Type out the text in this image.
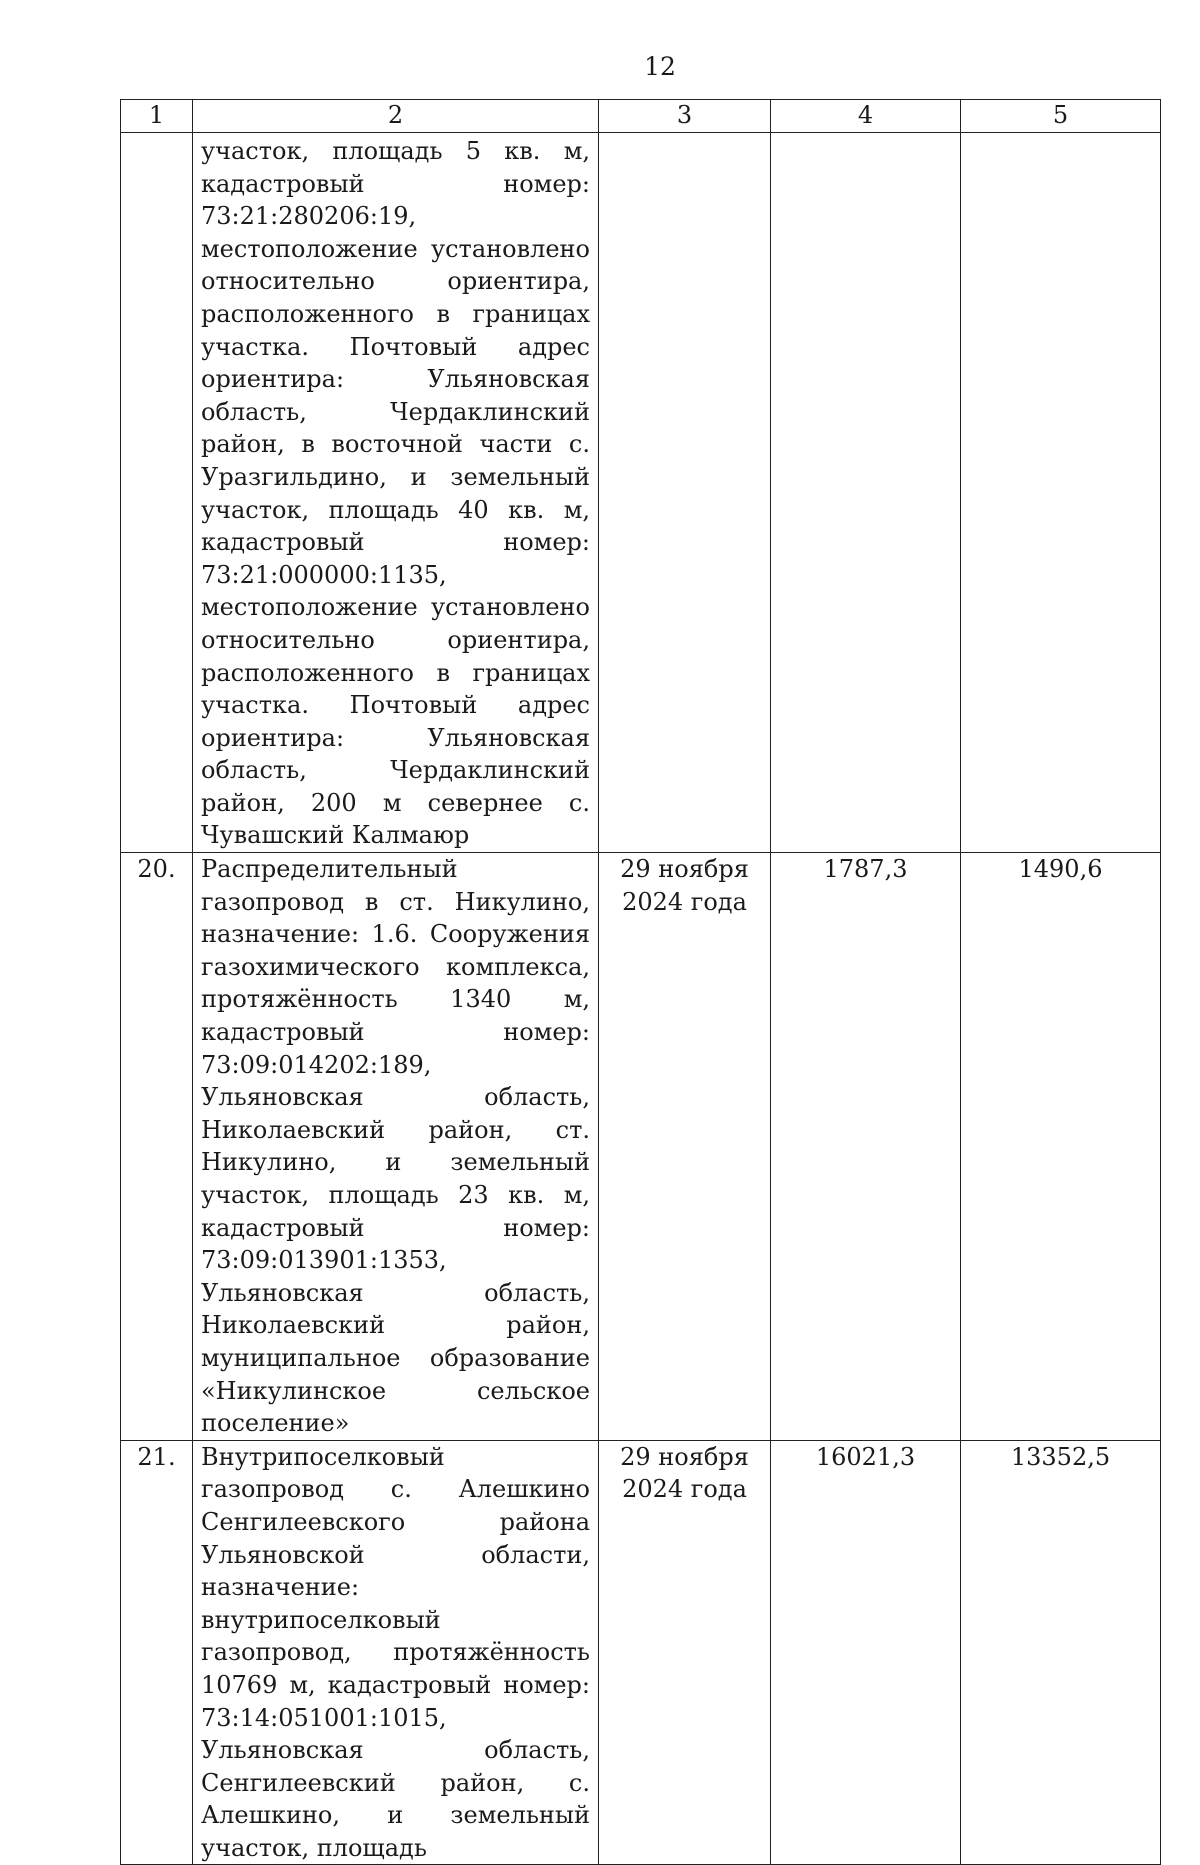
12
1	2	3	4	5
	участок, площадь 5 кв. м, кадастровый номер: 73:21:280206:19, местоположение установлено относительно ориентира, расположенного в границах участка. Почтовый адрес ориентира: Ульяновская область, Чердаклинский район, в восточной части с. Уразгильдино, и земельный участок, площадь 40 кв. м, кадастровый номер: 73:21:000000:1135, местоположение установлено относительно ориентира, расположенного в границах участка. Почтовый адрес ориентира: Ульяновская область, Чердаклинский район, 200 м севернее с. Чувашский Калмаюр			
20.	Распределительный газопровод в ст. Никулино, назначение: 1.6. Сооружения газохимического комплекса, протяжённость 1340 м, кадастровый номер: 73:09:014202:189, Ульяновская область, Николаевский район, ст. Никулино, и земельный участок, площадь 23 кв. м, кадастровый номер: 73:09:013901:1353, Ульяновская область, Николаевский район, муниципальное образование «Никулинское сельское поселение»	29 ноября 2024 года	1787,3	1490,6
21.	Внутрипоселковый газопровод с. Алешкино Сенгилеевского района Ульяновской области, назначение: внутрипоселковый газопровод, протяжённость 10769 м, кадастровый номер: 73:14:051001:1015, Ульяновская область, Сенгилеевский район, с. Алешкино, и земельный участок, площадь	29 ноября 2024 года	16021,3	13352,5
